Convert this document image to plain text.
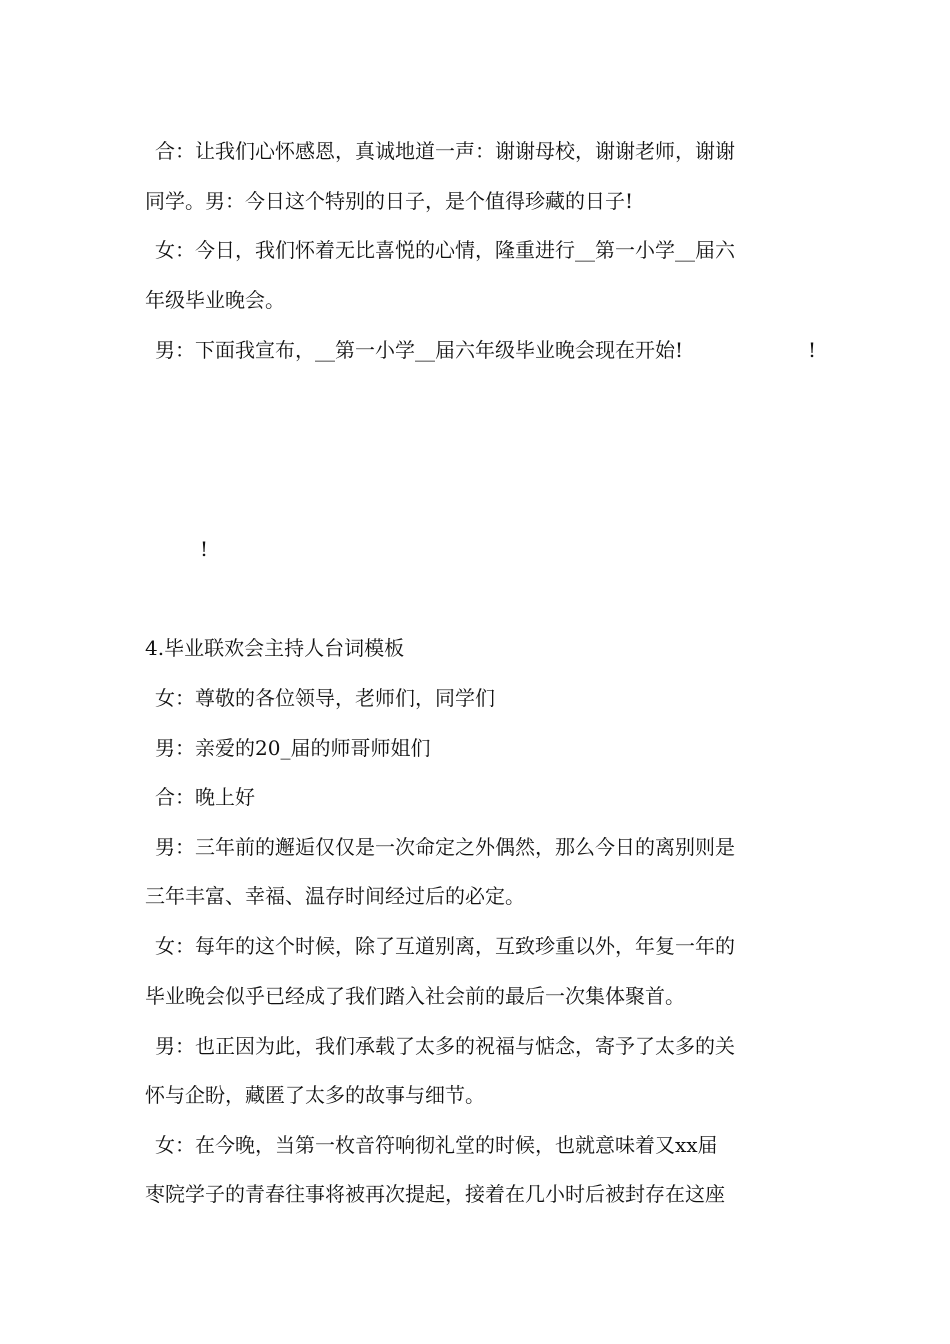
合：让我们心怀感恩，真诚地道一声：谢谢母校，谢谢老师，谢谢
同学。男：今日这个特别的日子，是个值得珍藏的日子!
女：今日，我们怀着无比喜悦的心情，隆重进行__第一小学__届六
年级毕业晚会。
男：下面我宣布，__第一小学__届六年级毕业晚会现在开始!	!
!
4.毕业联欢会主持人台词模板
女：尊敬的各位领导，老师们，同学们
男：亲爱的20_届的师哥师姐们
合：晚上好
男：三年前的邂逅仅仅是一次命定之外偶然，那么今日的离别则是
三年丰富、幸福、温存时间经过后的必定。
女：每年的这个时候，除了互道别离，互致珍重以外，年复一年的
毕业晚会似乎已经成了我们踏入社会前的最后一次集体聚首。
男：也正因为此，我们承载了太多的祝福与惦念，寄予了太多的关
怀与企盼，藏匿了太多的故事与细节。
女：在今晚，当第一枚音符响彻礼堂的时候，也就意味着又xx届
枣院学子的青春往事将被再次提起，接着在几小时后被封存在这座
